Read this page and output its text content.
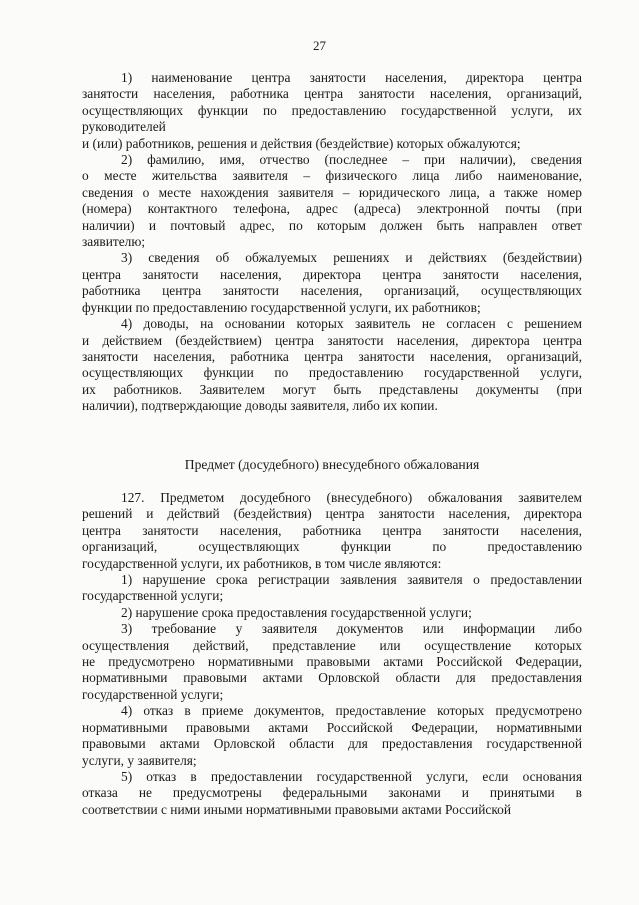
27
1) наименование центра занятости населения, директора центра
занятости населения, работника центра занятости населения, организаций,
осуществляющих функции по предоставлению государственной услуги, их
руководителей
и (или) работников, решения и действия (бездействие) которых обжалуются;
2) фамилию, имя, отчество (последнее – при наличии), сведения
о месте жительства заявителя – физического лица либо наименование,
сведения о месте нахождения заявителя – юридического лица, а также номер
(номера) контактного телефона, адрес (адреса) электронной почты (при
наличии) и почтовый адрес, по которым должен быть направлен ответ
заявителю;
3) сведения об обжалуемых решениях и действиях (бездействии)
центра занятости населения, директора центра занятости населения,
работника центра занятости населения, организаций, осуществляющих
функции по предоставлению государственной услуги, их работников;
4) доводы, на основании которых заявитель не согласен с решением
и действием (бездействием) центра занятости населения, директора центра
занятости населения, работника центра занятости населения, организаций,
осуществляющих функции по предоставлению государственной услуги,
их работников. Заявителем могут быть представлены документы (при
наличии), подтверждающие доводы заявителя, либо их копии.
Предмет (досудебного) внесудебного обжалования
127. Предметом досудебного (внесудебного) обжалования заявителем
решений и действий (бездействия) центра занятости населения, директора
центра занятости населения, работника центра занятости населения,
организаций, осуществляющих функции по предоставлению
государственной услуги, их работников, в том числе являются:
1) нарушение срока регистрации заявления заявителя о предоставлении
государственной услуги;
2) нарушение срока предоставления государственной услуги;
3) требование у заявителя документов или информации либо
осуществления действий, представление или осуществление которых
не предусмотрено нормативными правовыми актами Российской Федерации,
нормативными правовыми актами Орловской области для предоставления
государственной услуги;
4) отказ в приеме документов, предоставление которых предусмотрено
нормативными правовыми актами Российской Федерации, нормативными
правовыми актами Орловской области для предоставления государственной
услуги, у заявителя;
5) отказ в предоставлении государственной услуги, если основания
отказа не предусмотрены федеральными законами и принятыми в
соответствии с ними иными нормативными правовыми актами Российской
